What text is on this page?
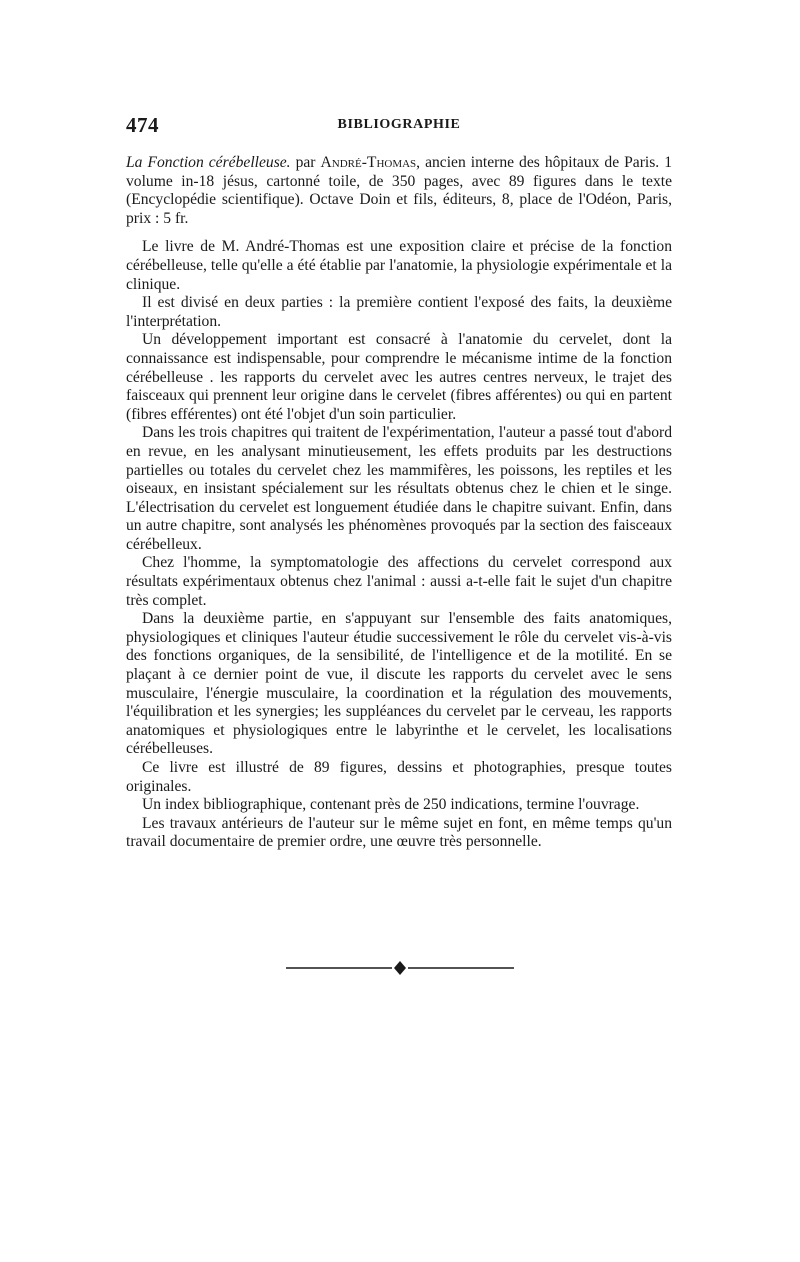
474	BIBLIOGRAPHIE

La Fonction cérébelleuse. par André-Thomas, ancien interne des hôpitaux de Paris. 1 volume in-18 jésus, cartonné toile, de 350 pages, avec 89 figures dans le texte (Encyclopédie scientifique). Octave Doin et fils, éditeurs, 8, place de l'Odéon, Paris, prix : 5 fr.

Le livre de M. André-Thomas est une exposition claire et précise de la fonction cérébelleuse, telle qu'elle a été établie par l'anatomie, la physiologie expérimentale et la clinique.

Il est divisé en deux parties : la première contient l'exposé des faits, la deuxième l'interprétation.

Un développement important est consacré à l'anatomie du cervelet, dont la connaissance est indispensable, pour comprendre le mécanisme intime de la fonction cérébelleuse . les rapports du cervelet avec les autres centres nerveux, le trajet des faisceaux qui prennent leur origine dans le cervelet (fibres afférentes) ou qui en partent (fibres efférentes) ont été l'objet d'un soin particulier.

Dans les trois chapitres qui traitent de l'expérimentation, l'auteur a passé tout d'abord en revue, en les analysant minutieusement, les effets produits par les destructions partielles ou totales du cervelet chez les mammifères, les poissons, les reptiles et les oiseaux, en insistant spécialement sur les résultats obtenus chez le chien et le singe. L'électrisation du cervelet est longuement étudiée dans le chapitre suivant. Enfin, dans un autre chapitre, sont analysés les phénomènes provoqués par la section des faisceaux cérébelleux.

Chez l'homme, la symptomatologie des affections du cervelet correspond aux résultats expérimentaux obtenus chez l'animal : aussi a-t-elle fait le sujet d'un chapitre très complet.

Dans la deuxième partie, en s'appuyant sur l'ensemble des faits anatomiques, physiologiques et cliniques l'auteur étudie successivement le rôle du cervelet vis-à-vis des fonctions organiques, de la sensibilité, de l'intelligence et de la motilité. En se plaçant à ce dernier point de vue, il discute les rapports du cervelet avec le sens musculaire, l'énergie musculaire, la coordination et la régulation des mouvements, l'équilibration et les synergies; les suppléances du cervelet par le cerveau, les rapports anatomiques et physiologiques entre le labyrinthe et le cervelet, les localisations cérébelleuses.

Ce livre est illustré de 89 figures, dessins et photographies, presque toutes originales.

Un index bibliographique, contenant près de 250 indications, termine l'ouvrage.

Les travaux antérieurs de l'auteur sur le même sujet en font, en même temps qu'un travail documentaire de premier ordre, une œuvre très personnelle.
